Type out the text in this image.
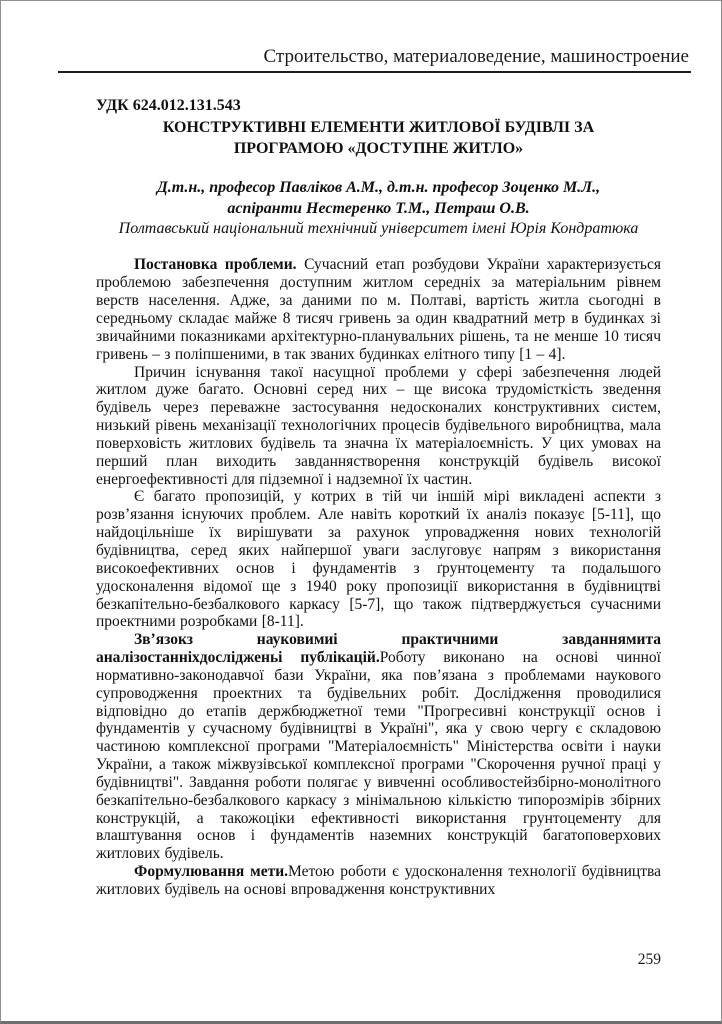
Строительство, материаловедение, машиностроение
УДК 624.012.131.543
КОНСТРУКТИВНІ ЕЛЕМЕНТИ ЖИТЛОВОЇ БУДІВЛІ ЗА
ПРОГРАМОЮ «ДОСТУПНЕ ЖИТЛО»
Д.т.н., професор Павліков А.М., д.т.н. професор Зоценко М.Л.,
аспіранти Нестеренко Т.М., Петраш О.В.
Полтавський національний технічний університет імені Юрія Кондратюка

Постановка проблеми. Сучасний етап розбудови України характеризується проблемою забезпечення доступним житлом середніх за матеріальним рівнем верств населення. Адже, за даними по м. Полтаві, вартість житла сьогодні в середньому складає майже 8 тисяч гривень за один квадратний метр в будинках зі звичайними показниками архітектурно-планувальних рішень, та не менше 10 тисяч гривень – з поліпшеними, в так званих будинках елітного типу [1 – 4].

Причин існування такої насущної проблеми у сфері забезпечення людей житлом дуже багато. Основні серед них – ще висока трудомісткість зведення будівель через переважне застосування недосконалих конструктивних систем, низький рівень механізації технологічних процесів будівельного виробництва, мала поверховість житлових будівель та значна їх матеріалоємність. У цих умовах на перший план виходить завданнястворення конструкцій будівель високої енергоефективності для підземної і надземної їх частин.

Є багато пропозицій, у котрих в тій чи іншій мірі викладені аспекти з розв’язання існуючих проблем. Але навіть короткий їх аналіз показує [5-11], що найдоцільніше їх вирішувати за рахунок упровадження нових технологій будівництва, серед яких найпершої уваги заслуговує напрям з використання високоефективних основ і фундаментів з ґрунтоцементу та подальшого удосконалення відомої ще з 1940 року пропозиції використання в будівництві безкапітельно-безбалкового каркасу [5-7], що також підтверджується сучасними проектними розробками [8-11].

Зв’язокз науковимиі практичними завданнямита аналізостанніхдослідженьі публікацій.Роботу виконано на основі чинної нормативно-законодавчої бази України, яка пов’язана з проблемами наукового супроводження проектних та будівельних робіт. Дослідження проводилися відповідно до етапів держбюджетної теми "Прогресивні конструкції основ і фундаментів у сучасному будівництві в Україні", яка у свою чергу є складовою частиною комплексної програми "Матеріалоємність" Міністерства освіти і науки України, а також міжвузівської комплексної програми "Скорочення ручної праці у будівництві". Завдання роботи полягає у вивченні особливостейзбірно-монолітного безкапітельно-безбалкового каркасу з мінімальною кількістю типорозмірів збірних конструкцій, а такожоціки ефективності використання грунтоцементу для влаштування основ і фундаментів наземних конструкцій багатоповерхових житлових будівель.

Формулювання мети.Метою роботи є удосконалення технології будівництва житлових будівель на основі впровадження конструктивних

259
